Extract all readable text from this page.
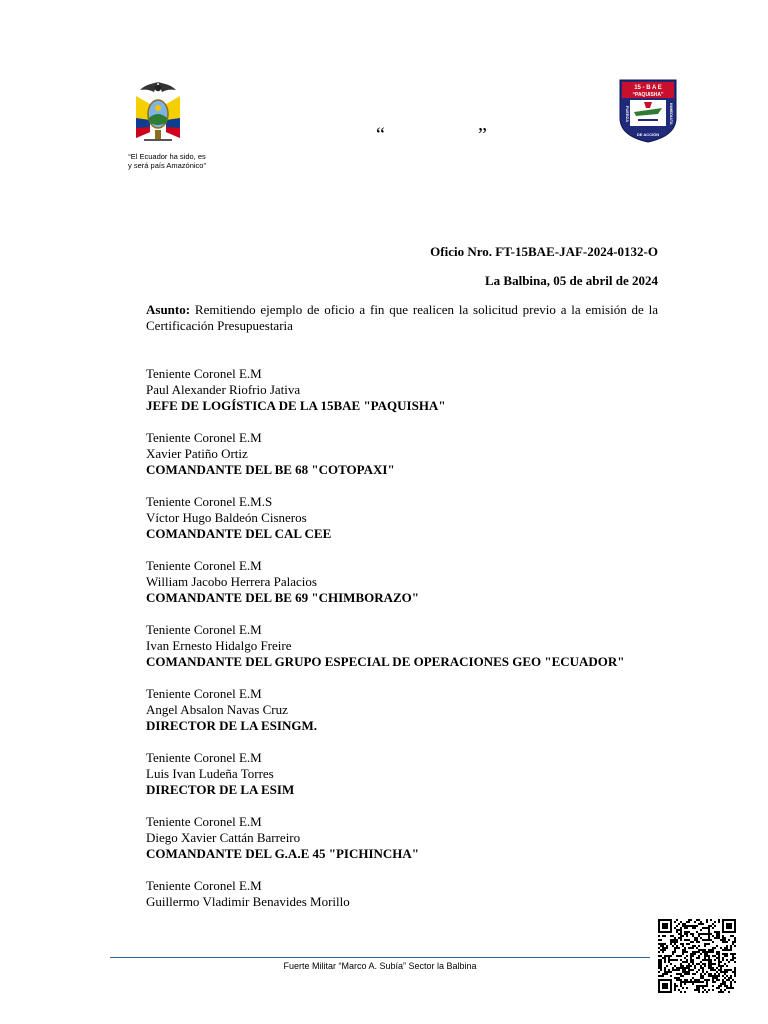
“El Ecuador ha sido, es
y será país Amazónico”
“	”
15 - B A E
“PAQUISHA”
DE ACCIÓN
FUERZA	INMEDIATA
Oficio Nro. FT-15BAE-JAF-2024-0132-O
La Balbina, 05 de abril de 2024
Asunto: Remitiendo ejemplo de oficio a fin que realicen la solicitud previo a la emisión de la Certificación Presupuestaria
Teniente Coronel E.M
Paul Alexander Riofrio Jativa
JEFE DE LOGÍSTICA DE LA 15BAE "PAQUISHA"
Teniente Coronel E.M
Xavier Patiño Ortiz
COMANDANTE DEL BE 68 "COTOPAXI"
Teniente Coronel E.M.S
Víctor Hugo Baldeón Cisneros
COMANDANTE DEL CAL CEE
Teniente Coronel E.M
William Jacobo Herrera Palacios
COMANDANTE DEL BE 69 "CHIMBORAZO"
Teniente Coronel E.M
Ivan Ernesto Hidalgo Freire
COMANDANTE DEL GRUPO ESPECIAL DE OPERACIONES GEO "ECUADOR"
Teniente Coronel E.M
Angel Absalon Navas Cruz
DIRECTOR DE LA ESINGM.
Teniente Coronel E.M
Luis Ivan Ludeña Torres
DIRECTOR DE LA ESIM
Teniente Coronel E.M
Diego Xavier Cattán Barreiro
COMANDANTE DEL G.A.E 45 "PICHINCHA"
Teniente Coronel E.M
Guillermo Vladimir Benavides Morillo
Fuerte Militar “Marco A. Subía” Sector la Balbina
